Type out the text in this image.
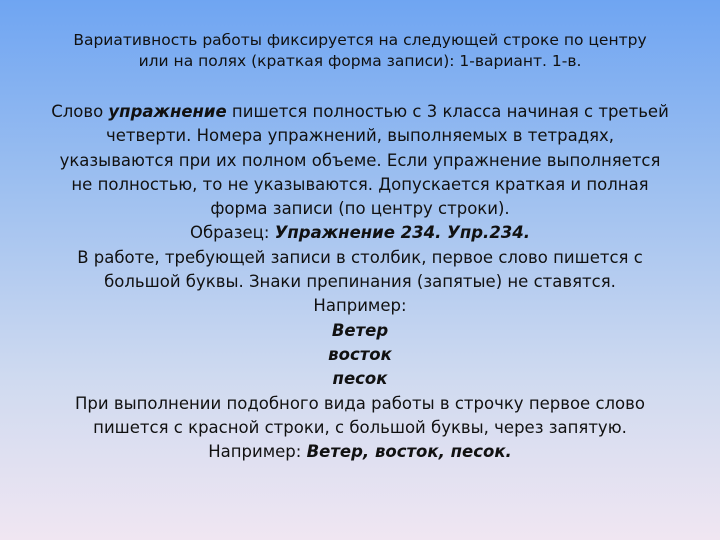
Вариативность работы фиксируется на следующей строке по центру

или на полях (краткая форма записи): 1-вариант. 1-в.

Слово упражнение пишется полностью с 3 класса начиная с третьей

четверти. Номера упражнений, выполняемых в тетрадях,

указываются при их полном объеме. Если упражнение выполняется

не полностью, то не указываются. Допускается краткая и полная

форма записи (по центру строки).

Образец: Упражнение 234. Упр.234.

В работе, требующей записи в столбик, первое слово пишется с

большой буквы. Знаки препинания (запятые) не ставятся.

Например:

Ветер

восток

песок

При выполнении подобного вида работы в строчку первое слово

пишется с красной строки, с большой буквы, через запятую.

Например: Ветер, восток, песок.
